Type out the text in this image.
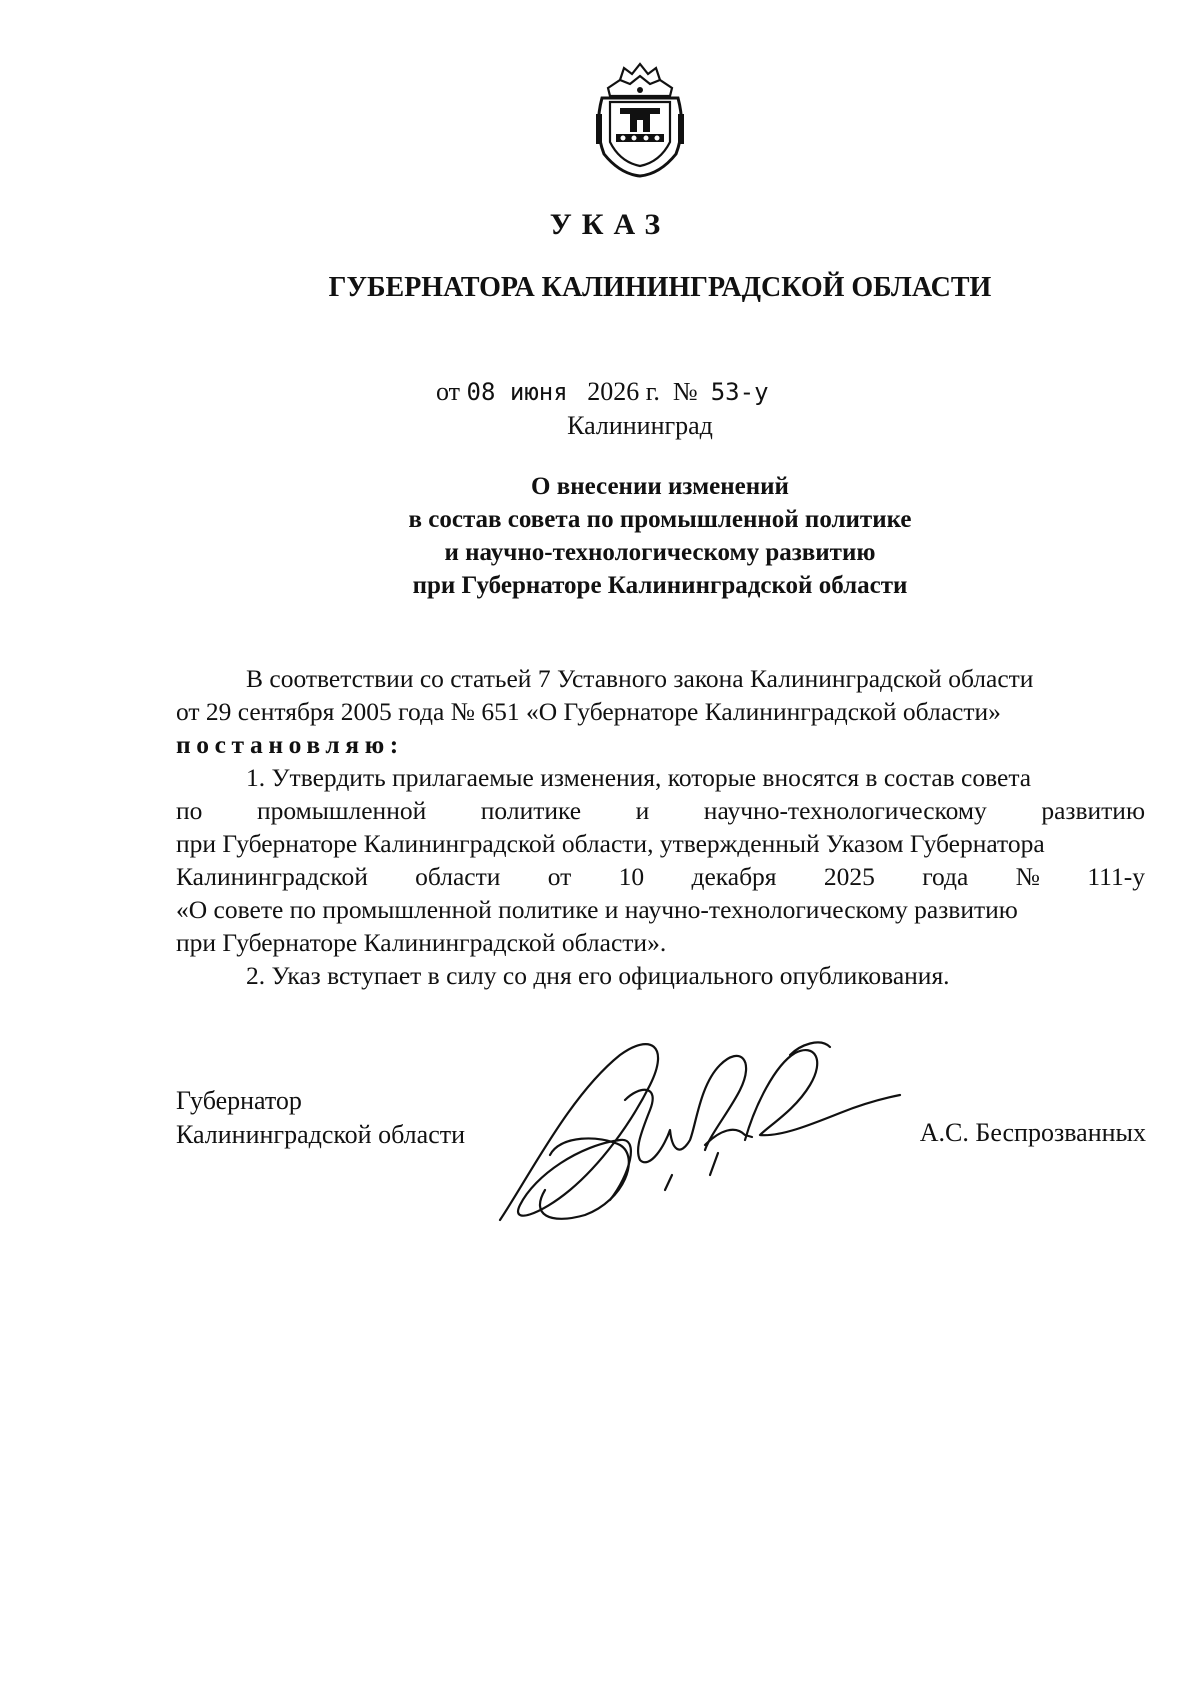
УКАЗ
ГУБЕРНАТОРА КАЛИНИНГРАДСКОЙ ОБЛАСТИ
от 08 июня 2026 г. № 53-у
Калининград
О внесении изменений
в состав совета по промышленной политике
и научно-технологическому развитию
при Губернаторе Калининградской области
В соответствии со статьей 7 Уставного закона Калининградской области
от 29 сентября 2005 года № 651 «О Губернаторе Калининградской области»
постановляю:
1. Утвердить прилагаемые изменения, которые вносятся в состав совета
по промышленной политике и научно-технологическому развитию
при Губернаторе Калининградской области, утвержденный Указом Губернатора
Калининградской области от 10 декабря 2025 года № 111-у
«О совете по промышленной политике и научно-технологическому развитию
при Губернаторе Калининградской области».
2. Указ вступает в силу со дня его официального опубликования.
Губернатор
Калининградской области	А.С. Беспрозванных
